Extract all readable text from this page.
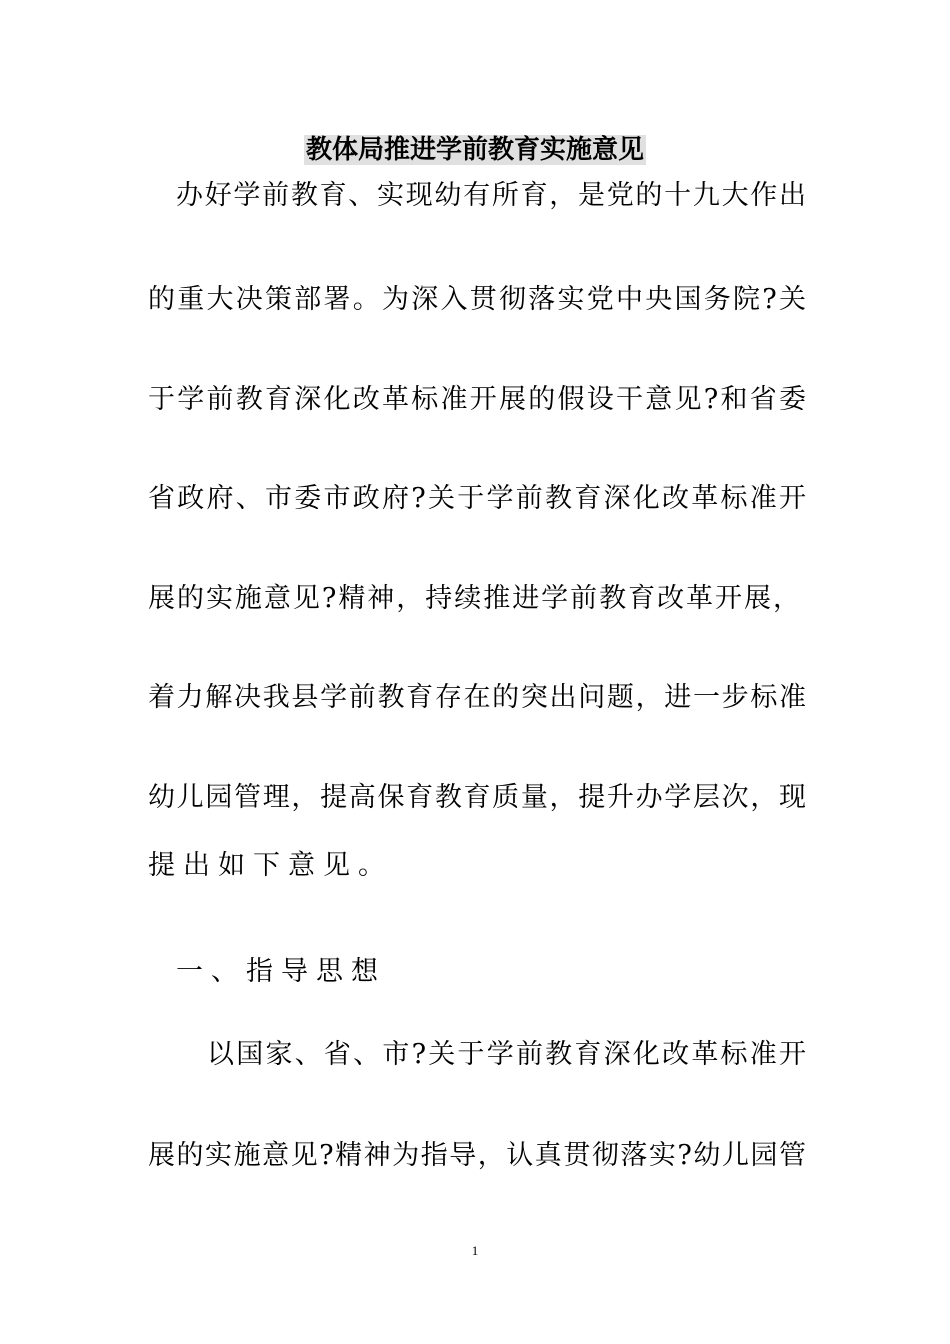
教体局推进学前教育实施意见
办好学前教育、实现幼有所育，是党的十九大作出
的重大决策部署。为深入贯彻落实党中央国务院?关
于学前教育深化改革标准开展的假设干意见?和省委
省政府、市委市政府?关于学前教育深化改革标准开
展的实施意见?精神，持续推进学前教育改革开展，
着力解决我县学前教育存在的突出问题，进一步标准
幼儿园管理，提高保育教育质量，提升办学层次，现
提出如下意见。
一、指导思想
以国家、省、市?关于学前教育深化改革标准开
展的实施意见?精神为指导，认真贯彻落实?幼儿园管
1
